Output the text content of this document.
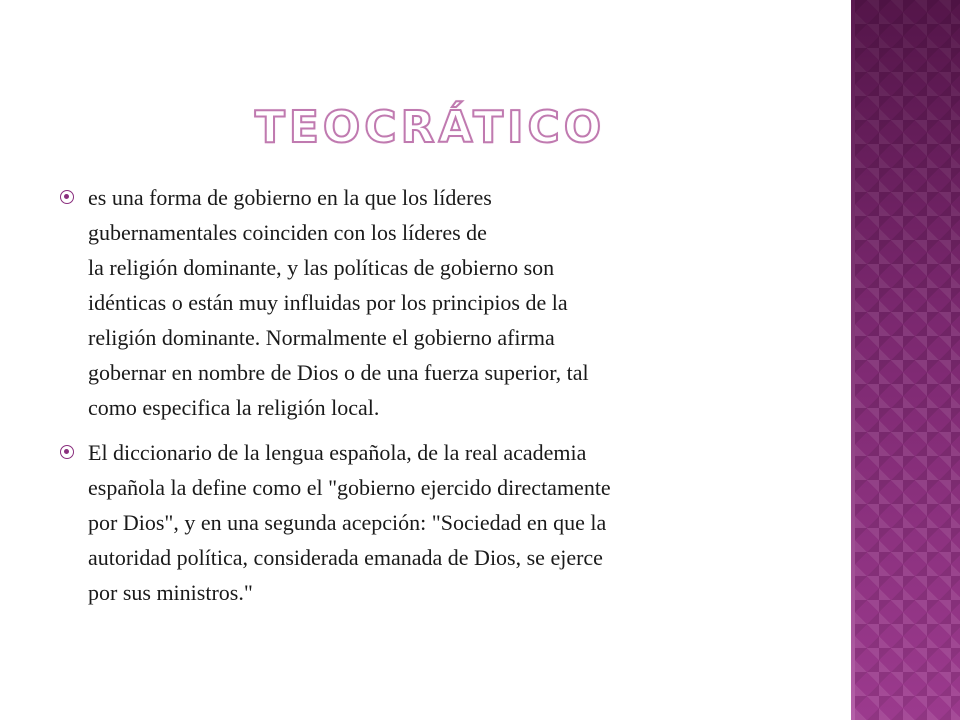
TEOCRÁTICO
es una forma de gobierno en la que los líderes
gubernamentales coinciden con los líderes de
la religión dominante, y las políticas de gobierno son
idénticas o están muy influidas por los principios de la
religión dominante. Normalmente el gobierno afirma
gobernar en nombre de Dios o de una fuerza superior, tal
como especifica la religión local.
El diccionario de la lengua española, de la real academia
española la define como el "gobierno ejercido directamente
por Dios", y en una segunda acepción: "Sociedad en que la
autoridad política, considerada emanada de Dios, se ejerce
por sus ministros."
